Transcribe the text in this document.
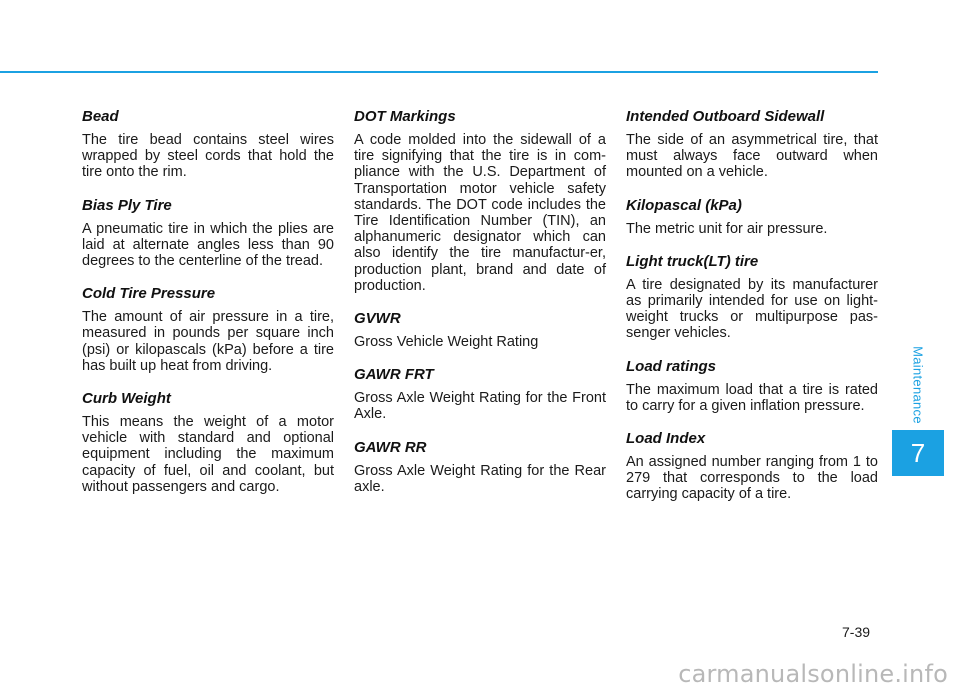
Bead

The tire bead contains steel wires wrapped by steel cords that hold the tire onto the rim.

Bias Ply Tire

A pneumatic tire in which the plies are laid at alternate angles less than 90 degrees to the centerline of the tread.

Cold Tire Pressure

The amount of air pressure in a tire, measured in pounds per square inch (psi) or kilopascals (kPa) before a tire has built up heat from driving.

Curb Weight

This means the weight of a motor vehicle with standard and optional equipment including the maximum capacity of fuel, oil and coolant, but without passengers and cargo.

DOT Markings

A code molded into the sidewall of a tire signifying that the tire is in com-pliance with the U.S. Department of Transportation motor vehicle safety standards. The DOT code includes the Tire Identification Number (TIN), an alphanumeric designator which can also identify the tire manufactur-er, production plant, brand and date of production.

GVWR

Gross Vehicle Weight Rating

GAWR FRT

Gross Axle Weight Rating for the Front Axle.

GAWR RR

Gross Axle Weight Rating for the Rear axle.

Intended Outboard Sidewall

The side of an asymmetrical tire, that must always face outward when mounted on a vehicle.

Kilopascal (kPa)

The metric unit for air pressure.

Light truck(LT) tire

A tire designated by its manufacturer as primarily intended for use on light-weight trucks or multipurpose pas-senger vehicles.

Load ratings

The maximum load that a tire is rated to carry for a given inflation pressure.

Load Index

An assigned number ranging from 1 to 279 that corresponds to the load carrying capacity of a tire.

Maintenance
7
7-39
carmanualsonline.info
